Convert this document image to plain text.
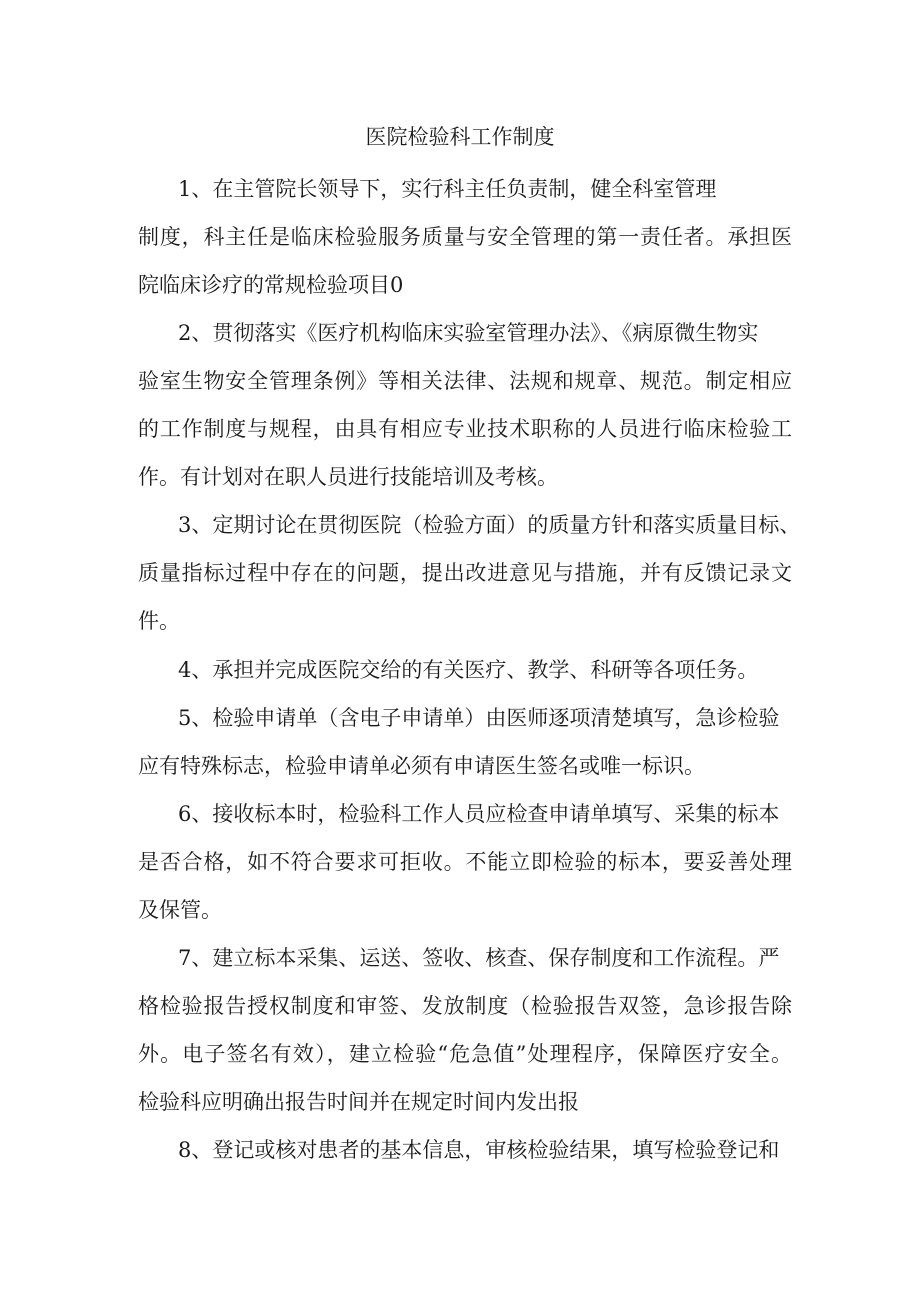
医院检验科工作制度
1、在主管院长领导下，实行科主任负责制，健全科室管理
制度，科主任是临床检验服务质量与安全管理的第一责任者。承担医
院临床诊疗的常规检验项目0
2、贯彻落实《医疗机构临床实验室管理办法》、《病原微生物实
验室生物安全管理条例》等相关法律、法规和规章、规范。制定相应
的工作制度与规程，由具有相应专业技术职称的人员进行临床检验工
作。有计划对在职人员进行技能培训及考核。
3、定期讨论在贯彻医院（检验方面）的质量方针和落实质量目标、
质量指标过程中存在的问题，提出改进意见与措施，并有反馈记录文
件。
4、承担并完成医院交给的有关医疗、教学、科研等各项任务。
5、检验申请单（含电子申请单）由医师逐项清楚填写，急诊检验
应有特殊标志，检验申请单必须有申请医生签名或唯一标识。
6、接收标本时，检验科工作人员应检查申请单填写、采集的标本
是否合格，如不符合要求可拒收。不能立即检验的标本，要妥善处理
及保管。
7、建立标本采集、运送、签收、核查、保存制度和工作流程。严
格检验报告授权制度和审签、发放制度（检验报告双签，急诊报告除
外。电子签名有效），建立检验“危急值”处理程序，保障医疗安全。
检验科应明确出报告时间并在规定时间内发出报
8、登记或核对患者的基本信息，审核检验结果，填写检验登记和
